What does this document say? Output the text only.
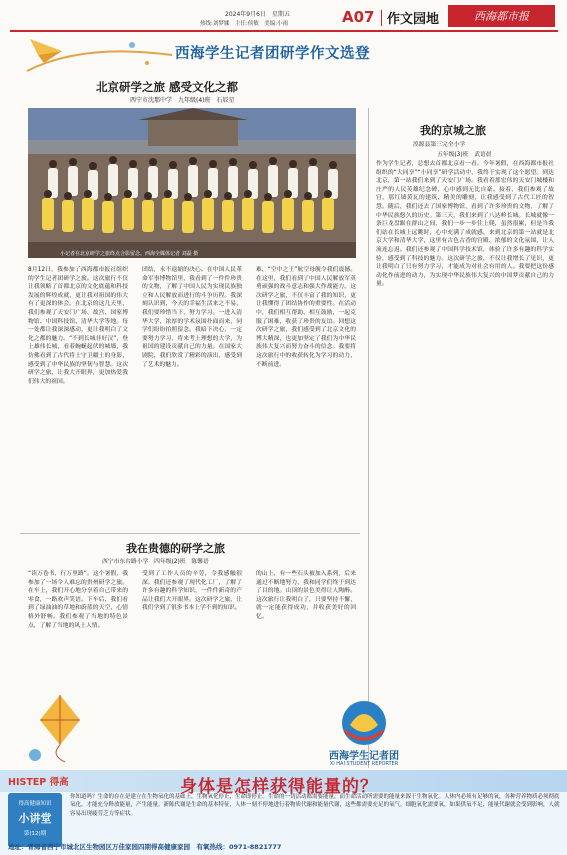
2024年9月6日　星期五
热线:刘梦娜　主任:侯敏　美编:小雨	A07 作文园地	西海都市报
西海学生记者团研学作文选登
北京研学之旅 感受文化之都
西宁市沈那中学　九年级(4)班　石辰星
小记者在北京研学之旅终点合影留念。西海全媒体记者 刘磊 摄
8月12日，我参加了西海都市报社组织的学生记者团研学之旅。这次旅行不仅让我领略了首都北京的文化底蕴和科技发展的辉煌成就，更让我对祖国的伟大有了更深的体会。在北京的这几天里，我们参观了天安门广场、故宫、国家博物馆、中国科技馆、清华大学等地。每一处都让我深深感动，更让我明白了文化之都的魅力。“不到长城非好汉”，登上雄伟长城，看着蜿蜒起伏的城墙，我仿佛看到了古代将士守卫疆土的身影，感受到了中华民族的坚韧与智慧。这次研学之旅，让我大开眼界，更加热爱我们伟大的祖国。
团结，永不退缩的决心。在中国人民革命军事博物馆里，我看到了一件件珍贵的文物，了解了中国人民为实现民族独立和人民解放而进行的斗争历程。我深刻认识到，今天的幸福生活来之不易，我们要珍惜当下，努力学习。一进入清华大学，浓厚的学术氛围扑面而来，同学们纷纷拍照留念。我暗下决心，一定要努力学习，将来考上理想的大学，为祖国的建设贡献自己的力量。在国家大剧院，我们欣赏了精彩的演出，感受到了艺术的魅力。
难，“空中之王”航空母舰令我们震撼。在这里，我们看到了中国人民解放军英勇顽强的战斗意志和强大作战能力。这次研学之旅，不仅丰富了我的知识，更让我懂得了团结协作的重要性。在活动中，我们相互帮助、相互鼓励，一起克服了困难，收获了珍贵的友谊。回想这次研学之旅，我们感受到了北京文化的博大精深，也更加坚定了我们为中华民族伟大复兴而努力奋斗的信念。我要将这次旅行中的收获转化为学习的动力，不断前进。
我的京城之旅
湟源县第三完全小学
五年级(3)班　武语晨
作为学生记者，总想去首都北京看一看。今年暑假，在西海都市报社组织的“大同享”“小同享”研学活动中，我终于实现了这个愿望。到达北京，第一站我们来到了天安门广场。我看着那宏伟的天安门城楼和庄严的人民英雄纪念碑，心中感到无比自豪。接着，我们参观了故宫，那红墙黄瓦的建筑、精美的雕刻，让我感受到了古代工匠的智慧。随后，我们还去了国家博物馆，看到了许多珍贵的文物，了解了中华民族悠久的历史。第三天，我们来到了八达岭长城。长城就像一条巨龙盘踞在群山之间，我们一步一步往上爬，虽然很累，但是当我们站在长城上远眺时，心中充满了成就感。来到北京的第一站就是北京大学和清华大学，这里有古色古香的宫殿、浓郁的文化氛围，让人流连忘返。我们还参观了中国科学技术馆，体验了许多有趣的科学实验，感受到了科技的魅力。这次研学之旅，不仅让我增长了见识，更让我明白了只有努力学习，才能成为对社会有用的人。我要把这份感动化作前进的动力，为实现中华民族伟大复兴的中国梦贡献自己的力量。
我在贵德的研学之旅
西宁市东台路小学　四年级(2)班　陈馨语
“读万卷书，行万里路”。这个暑假，我参加了一场令人难忘的贵州研学之旅。在车上，我们开心地分享着自己带来的零食，一路欢声笑语。下车后，我们看到了绿油油的草地和蔚蓝的天空，心情格外舒畅。我们参观了当地的特色景点，了解了当地的风土人情。
受到了工作人员的辛劳，令我感触很深。我们还参观了现代化工厂，了解了许多有趣的科学知识，一件件新奇的产品让我们大开眼界。这次研学之旅，让我们学到了很多书本上学不到的知识。
的山上，有一些石头被加入系列，后来通过不断地努力，我和同学们终于到达了目的地。山顶的景色美得让人陶醉。这次旅行让我明白了，只要坚持不懈，就一定能获得成功，并收获美好的回忆。
西海学生记者团
XI HAI STUDENT REPORTER
HISTEP 得高	身体是怎样获得能量的？
得高健康知识
小讲堂
第(12)期
你知道吗？生命的存在是建立在生物氧化的基础上，生物氧化停止，生命即停止。生命的一切活动都需要能量，而生命活动所需要的能量来源于生物氧化。人体内必须有足够的氧，各种营养物质必须彻底氧化，才能充分释放能量，产生能量。新陈代谢是生命的基本特征，人体一刻不停地进行着物质代谢和能量代谢，这些都需要充足的氧气。细胞氧化需要氧，如果供氧不足，能量代谢就会受到影响，人就容易出现疲劳乏力等症状。
地址：青海省西宁市城北区生物园区万佳家园四期得高健康家园　有氧热线：0971-8821777
